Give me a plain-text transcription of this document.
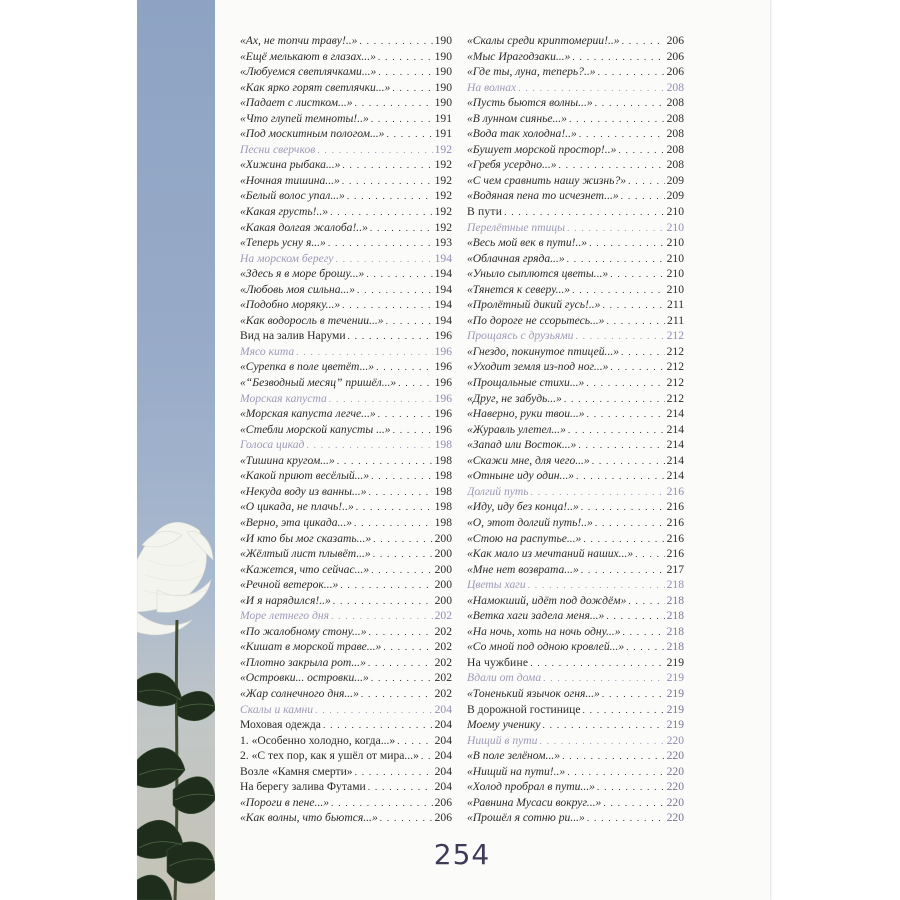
«Ах, не топчи траву!..» . . .	190
«Ещё мелькают в глазах...» . . .	190
«Любуемся светлячками...» . . .	190
«Как ярко горят светлячки...» . . .	190
«Падает с листком...» . . .	190
«Что глупей темноты!..» . . .	191
«Под москитным пологом...» . . .	191
Песни сверчков . . .	192
«Хижина рыбака...» . . .	192
«Ночная тишина...» . . .	192
«Белый волос упал...» . . .	192
«Какая грусть!..» . . .	192
«Какая долгая жалоба!..» . . .	192
«Теперь усну я...» . . .	193
На морском берегу . . .	194
«Здесь я в море брошу...» . . .	194
«Любовь моя сильна...» . . .	194
«Подобно моряку...» . . .	194
«Как водоросль в течении...» . . .	194
Вид на залив Наруми . . .	196
Мясо кита . . .	196
«Сурепка в поле цветёт...» . . .	196
«“Безводный месяц” пришёл...» . . .	196
Морская капуста . . .	196
«Морская капуста легче...» . . .	196
«Стебли морской капусты ...» . . .	196
Голоса цикад . . .	198
«Тишина кругом...» . . .	198
«Какой приют весёлый...» . . .	198
«Некуда воду из ванны...» . . .	198
«О цикада, не плачь!..» . . .	198
«Верно, эта цикада...» . . .	198
«И кто бы мог сказать...» . . .	200
«Жёлтый лист плывёт...» . . .	200
«Кажется, что сейчас...» . . .	200
«Речной ветерок...» . . .	200
«И я нарядился!..» . . .	200
Море летнего дня . . .	202
«По жалобному стону...» . . .	202
«Кишат в морской траве...» . . .	202
«Плотно закрыла рот...» . . .	202
«Островки... островки...» . . .	202
«Жар солнечного дня...» . . .	202
Скалы и камни . . .	204
Моховая одежда . . .	204
1. «Особенно холодно, когда...» . . .	204
2. «С тех пор, как я ушёл от мира...» . . . 204
Возле «Камня смерти» . . .	204
На берегу залива Футами . . .	204
«Пороги в пене...» . . .	206
«Как волны, что бьются...» . . .	206
«Скалы среди криптомерии!..» . . .	206
«Мыс Ирагодзаки...» . . .	206
«Где ты, луна, теперь?..» . . .	206
На волнах . . .	208
«Пусть бьются волны...» . . .	208
«В лунном сиянье...» . . .	208
«Вода так холодна!..» . . .	208
«Бушует морской простор!..» . . .	208
«Гребя усердно...» . . .	208
«С чем сравнить нашу жизнь?» . . .	209
«Водяная пена то исчезнет...» . . .	209
В пути . . .	210
Перелётные птицы . . .	210
«Весь мой век в пути!..» . . .	210
«Облачная гряда...» . . .	210
«Уныло сыплются цветы...» . . .	210
«Тянется к северу...» . . .	210
«Пролётный дикий гусь!..» . . .	211
«По дороге не ссорьтесь...» . . .	211
Прощаясь с друзьями . . .	212
«Гнездо, покинутое птицей...» . . .	212
«Уходит земля из-под ног...» . . .	212
«Прощальные стихи...» . . .	212
«Друг, не забудь...» . . .	212
«Наверно, руки твои...» . . .	214
«Журавль улетел...» . . .	214
«Запад или Восток...» . . .	214
«Скажи мне, для чего...» . . .	214
«Отныне иду один...» . . .	214
Долгий путь . . .	216
«Иду, иду без конца!..» . . .	216
«О, этот долгий путь!..» . . .	216
«Стою на распутье...» . . .	216
«Как мало из мечтаний наших...» . . .	216
«Мне нет возврата...» . . .	217
Цветы хаги . . .	218
«Намокший, идёт под дождём» . . .	218
«Ветка хаги задела меня...» . . .	218
«На ночь, хоть на ночь одну...» . . .	218
«Со мной под одною кровлей...» . . .	218
На чужбине . . .	219
Вдали от дома . . .	219
«Тоненький язычок огня...» . . .	219
В дорожной гостинице . . .	219
Моему ученику . . .	219
Нищий в пути . . .	220
«В поле зелёном...» . . .	220
«Нищий на пути!..» . . .	220
«Холод пробрал в пути...» . . .	220
«Равнина Мусаси вокруг...» . . .	220
«Прошёл я сотню ри...» . . .	220
254
